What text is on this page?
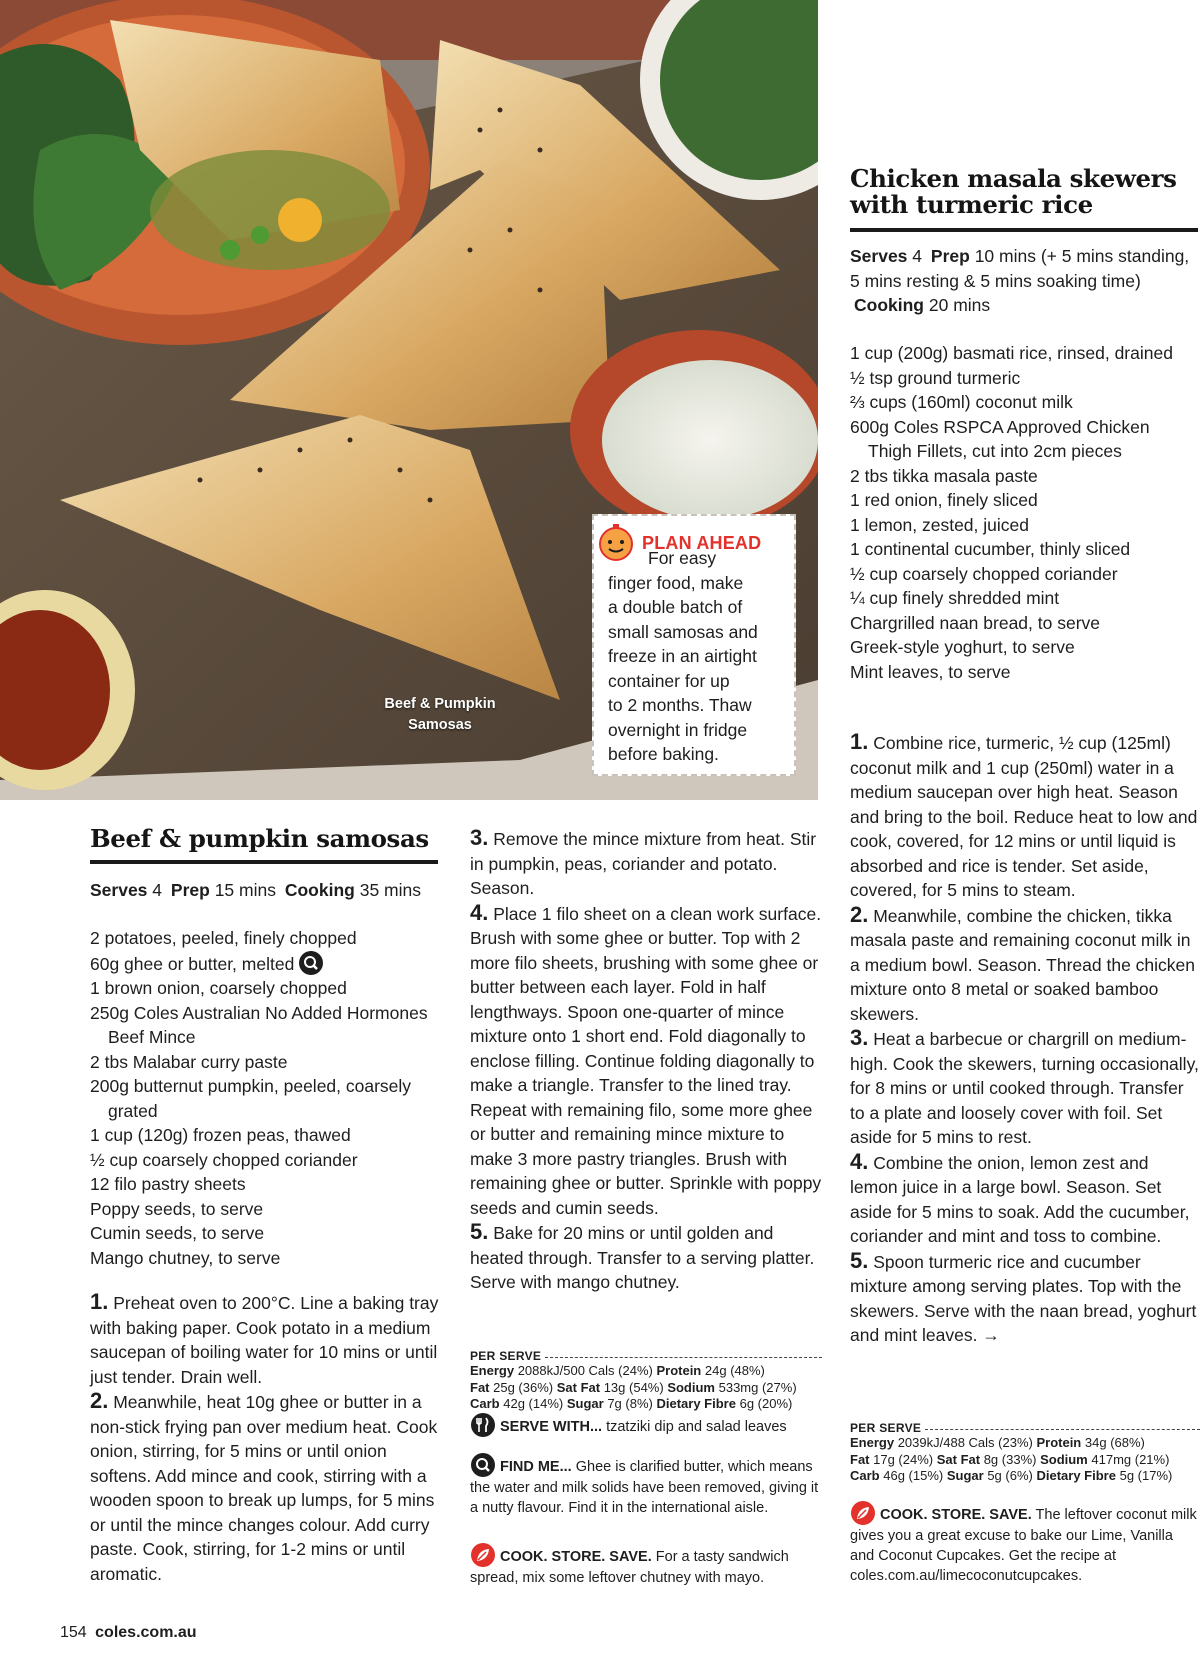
Beef & Pumpkin
Samosas
PLAN AHEAD
For easy
finger food, make
a double batch of
small samosas and
freeze in an airtight
container for up
to 2 months. Thaw
overnight in fridge
before baking.
Chicken masala skewers
with turmeric rice
Serves 4 Prep 10 mins (+ 5 mins standing, 5 mins resting & 5 mins soaking time) Cooking 20 mins
1 cup (200g) basmati rice, rinsed, drained
½ tsp ground turmeric
⅔ cups (160ml) coconut milk
600g Coles RSPCA Approved Chicken Thigh Fillets, cut into 2cm pieces
2 tbs tikka masala paste
1 red onion, finely sliced
1 lemon, zested, juiced
1 continental cucumber, thinly sliced
½ cup coarsely chopped coriander
¼ cup finely shredded mint
Chargrilled naan bread, to serve
Greek-style yoghurt, to serve
Mint leaves, to serve
1. Combine rice, turmeric, ½ cup (125ml) coconut milk and 1 cup (250ml) water in a medium saucepan over high heat. Season and bring to the boil. Reduce heat to low and cook, covered, for 12 mins or until liquid is absorbed and rice is tender. Set aside, covered, for 5 mins to steam.
2. Meanwhile, combine the chicken, tikka masala paste and remaining coconut milk in a medium bowl. Season. Thread the chicken mixture onto 8 metal or soaked bamboo skewers.
3. Heat a barbecue or chargrill on medium-high. Cook the skewers, turning occasionally, for 8 mins or until cooked through. Transfer to a plate and loosely cover with foil. Set aside for 5 mins to rest.
4. Combine the onion, lemon zest and lemon juice in a large bowl. Season. Set aside for 5 mins to soak. Add the cucumber, coriander and mint and toss to combine.
5. Spoon turmeric rice and cucumber mixture among serving plates. Top with the skewers. Serve with the naan bread, yoghurt and mint leaves. →
PER SERVE
Energy 2039kJ/488 Cals (23%) Protein 34g (68%)
Fat 17g (24%) Sat Fat 8g (33%) Sodium 417mg (21%)
Carb 46g (15%) Sugar 5g (6%) Dietary Fibre 5g (17%)
COOK. STORE. SAVE. The leftover coconut milk gives you a great excuse to bake our Lime, Vanilla and Coconut Cupcakes. Get the recipe at coles.com.au/limecoconutcupcakes.
Beef & pumpkin samosas
Serves 4 Prep 15 mins Cooking 35 mins
2 potatoes, peeled, finely chopped
60g ghee or butter, melted
1 brown onion, coarsely chopped
250g Coles Australian No Added Hormones Beef Mince
2 tbs Malabar curry paste
200g butternut pumpkin, peeled, coarsely grated
1 cup (120g) frozen peas, thawed
½ cup coarsely chopped coriander
12 filo pastry sheets
Poppy seeds, to serve
Cumin seeds, to serve
Mango chutney, to serve
1. Preheat oven to 200°C. Line a baking tray with baking paper. Cook potato in a medium saucepan of boiling water for 10 mins or until just tender. Drain well.
2. Meanwhile, heat 10g ghee or butter in a non-stick frying pan over medium heat. Cook onion, stirring, for 5 mins or until onion softens. Add mince and cook, stirring with a wooden spoon to break up lumps, for 5 mins or until the mince changes colour. Add curry paste. Cook, stirring, for 1-2 mins or until aromatic.
3. Remove the mince mixture from heat. Stir in pumpkin, peas, coriander and potato. Season.
4. Place 1 filo sheet on a clean work surface. Brush with some ghee or butter. Top with 2 more filo sheets, brushing with some ghee or butter between each layer. Fold in half lengthways. Spoon one-quarter of mince mixture onto 1 short end. Fold diagonally to enclose filling. Continue folding diagonally to make a triangle. Transfer to the lined tray. Repeat with remaining filo, some more ghee or butter and remaining mince mixture to make 3 more pastry triangles. Brush with remaining ghee or butter. Sprinkle with poppy seeds and cumin seeds.
5. Bake for 20 mins or until golden and heated through. Transfer to a serving platter. Serve with mango chutney.
PER SERVE
Energy 2088kJ/500 Cals (24%) Protein 24g (48%)
Fat 25g (36%) Sat Fat 13g (54%) Sodium 533mg (27%)
Carb 42g (14%) Sugar 7g (8%) Dietary Fibre 6g (20%)
SERVE WITH... tzatziki dip and salad leaves
FIND ME... Ghee is clarified butter, which means the water and milk solids have been removed, giving it a nutty flavour. Find it in the international aisle.
COOK. STORE. SAVE. For a tasty sandwich spread, mix some leftover chutney with mayo.
154 coles.com.au
